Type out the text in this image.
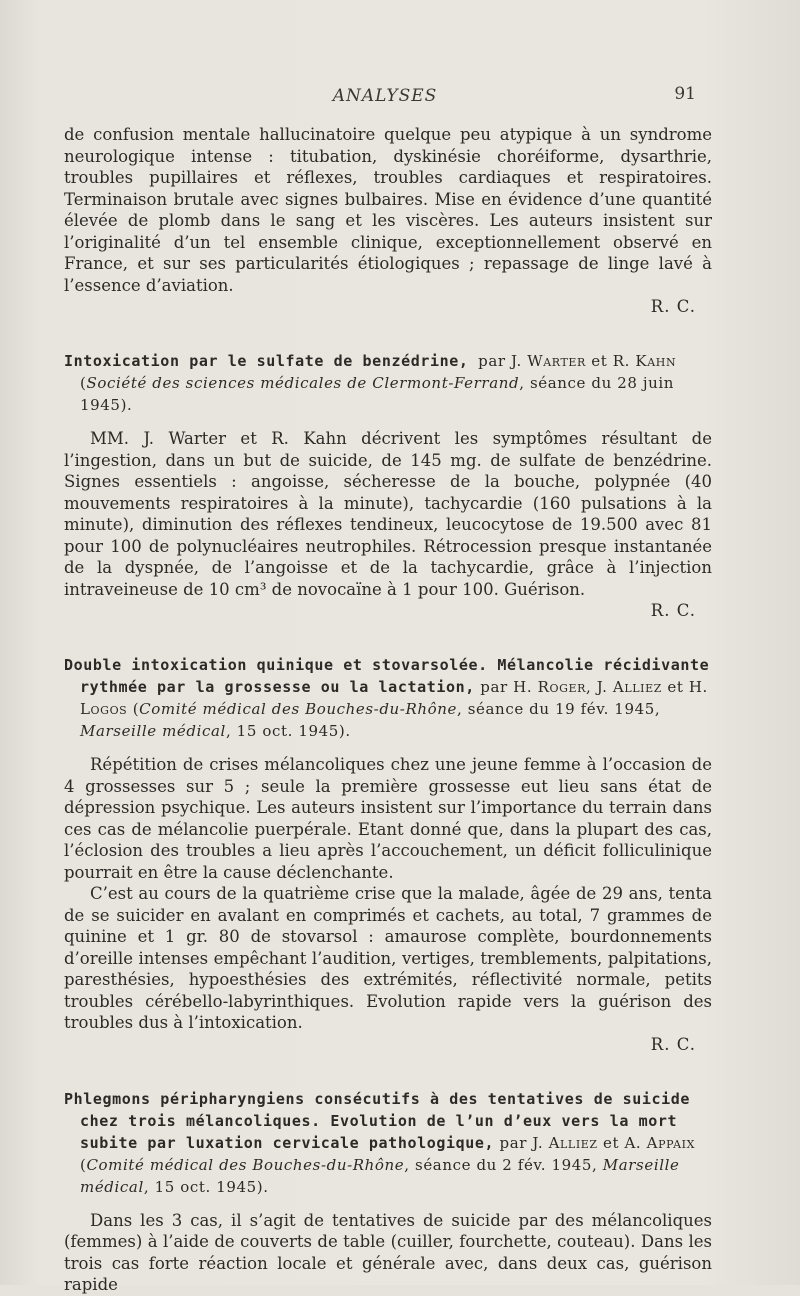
ANALYSES	91

de confusion mentale hallucinatoire quelque peu atypique à un syndrome neurologique intense : titubation, dyskinésie choréiforme, dysarthrie, troubles pupillaires et réflexes, troubles cardiaques et respiratoires. Terminaison brutale avec signes bulbaires. Mise en évidence d’une quantité élevée de plomb dans le sang et les viscères. Les auteurs insistent sur l’originalité d’un tel ensemble clinique, exceptionnellement observé en France, et sur ses particularités étiologiques ; repassage de linge lavé à l’essence d’aviation.

R. C.
Intoxication par le sulfate de benzédrine, par J. Warter et R. Kahn
(Société des sciences médicales de Clermont-Ferrand, séance du 28 juin 1945).

MM. J. Warter et R. Kahn décrivent les symptômes résultant de l’ingestion, dans un but de suicide, de 145 mg. de sulfate de benzédrine. Signes essentiels : angoisse, sécheresse de la bouche, polypnée (40 mouvements respiratoires à la minute), tachycardie (160 pulsations à la minute), diminution des réflexes tendineux, leucocytose de 19.500 avec 81 pour 100 de polynucléaires neutrophiles. Rétrocession presque instantanée de la dyspnée, de l’angoisse et de la tachycardie, grâce à l’injection intraveineuse de 10 cm³ de novocaïne à 1 pour 100. Guérison.

R. C.
Double intoxication quinique et stovarsolée. Mélancolie récidivante
rythmée par la grossesse ou la lactation, par H. Roger, J. Alliez et H. Logos (Comité médical des Bouches-du-Rhône, séance du 19 fév. 1945, Marseille médical, 15 oct. 1945).

Répétition de crises mélancoliques chez une jeune femme à l’occasion de 4 grossesses sur 5 ; seule la première grossesse eut lieu sans état de dépression psychique. Les auteurs insistent sur l’importance du terrain dans ces cas de mélancolie puerpérale. Etant donné que, dans la plupart des cas, l’éclosion des troubles a lieu après l’accouchement, un déficit folliculinique pourrait en être la cause déclenchante.

C’est au cours de la quatrième crise que la malade, âgée de 29 ans, tenta de se suicider en avalant en comprimés et cachets, au total, 7 grammes de quinine et 1 gr. 80 de stovarsol : amaurose complète, bourdonnements d’oreille intenses empêchant l’audition, vertiges, tremblements, palpitations, paresthésies, hypoesthésies des extrémités, réflectivité normale, petits troubles cérébello-labyrinthiques. Evolution rapide vers la guérison des troubles dus à l’intoxication.

R. C.
Phlegmons péripharyngiens consécutifs à des tentatives de suicide
chez trois mélancoliques. Evolution de l’un d’eux vers la mort subite par luxation cervicale pathologique, par J. Alliez et A. Appaix (Comité médical des Bouches-du-Rhône, séance du 2 fév. 1945, Marseille médical, 15 oct. 1945).

Dans les 3 cas, il s’agit de tentatives de suicide par des mélancoliques (femmes) à l’aide de couverts de table (cuiller, fourchette, couteau). Dans les trois cas forte réaction locale et générale avec, dans deux cas, guérison rapide
